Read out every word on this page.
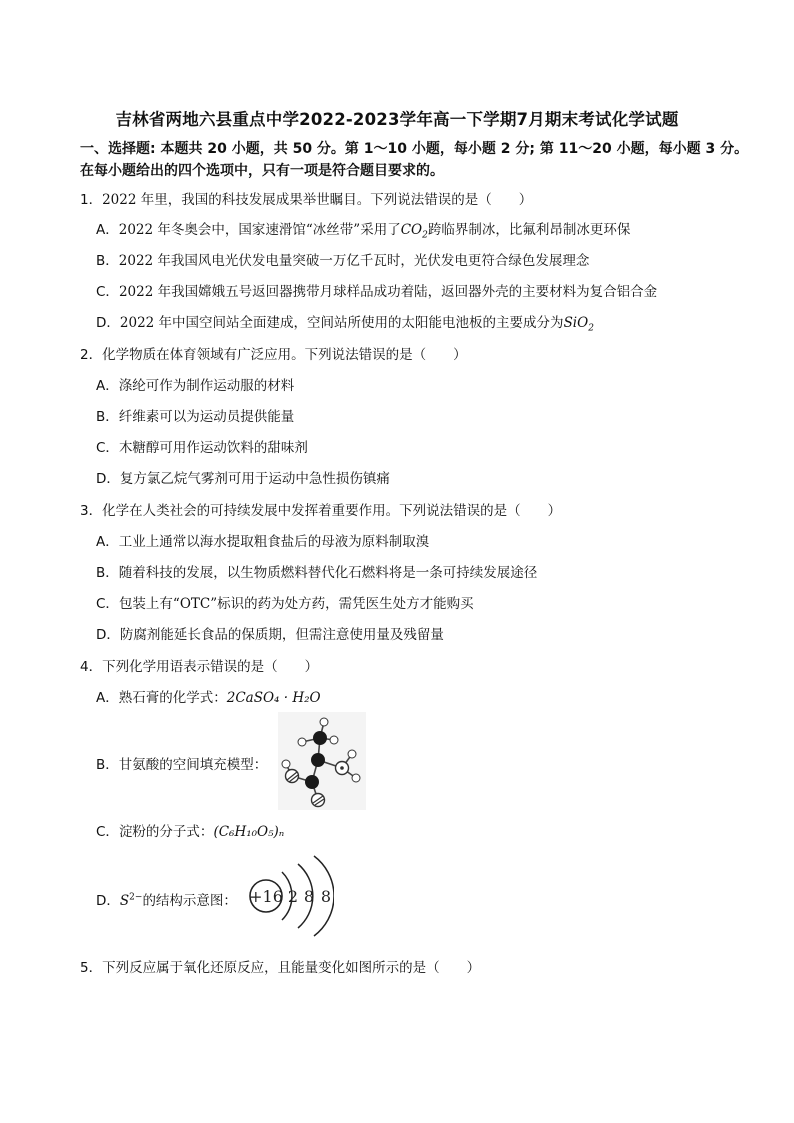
吉林省两地六县重点中学2022-2023学年高一下学期7月期末考试化学试题
一、选择题: 本题共 20 小题，共 50 分。第 1～10 小题，每小题 2 分; 第 11～20 小题，每小题 3 分。在每小题给出的四个选项中，只有一项是符合题目要求的。
1．2022 年里，我国的科技发展成果举世瞩目。下列说法错误的是（　　）
A．2022 年冬奥会中，国家速滑馆“冰丝带”采用了$CO_2$跨临界制冰，比氟利昂制冰更环保
B．2022 年我国风电光伏发电量突破一万亿千瓦时，光伏发电更符合绿色发展理念
C．2022 年我国嫦娥五号返回器携带月球样品成功着陆，返回器外壳的主要材料为复合铝合金
D．2022 年中国空间站全面建成，空间站所使用的太阳能电池板的主要成分为SiO$_2$
2．化学物质在体育领域有广泛应用。下列说法错误的是（　　）
A．涤纶可作为制作运动服的材料
B．纤维素可以为运动员提供能量
C．木糖醇可用作运动饮料的甜味剂
D．复方氯乙烷气雾剂可用于运动中急性损伤镇痛
3．化学在人类社会的可持续发展中发挥着重要作用。下列说法错误的是（　　）
A．工业上通常以海水提取粗食盐后的母液为原料制取溴
B．随着科技的发展，以生物质燃料替代化石燃料将是一条可持续发展途径
C．包装上有“OTC”标识的药为处方药，需凭医生处方才能购买
D．防腐剂能延长食品的保质期，但需注意使用量及残留量
4．下列化学用语表示错误的是（　　）
A．熟石膏的化学式：2CaSO₄ · H₂O
B．甘氨酸的空间填充模型：
C．淀粉的分子式：(C₆H₁₀O₅)ₙ
D．$S^{2-}$的结构示意图： +16 2 8 8
5．下列反应属于氧化还原反应，且能量变化如图所示的是（　　）
